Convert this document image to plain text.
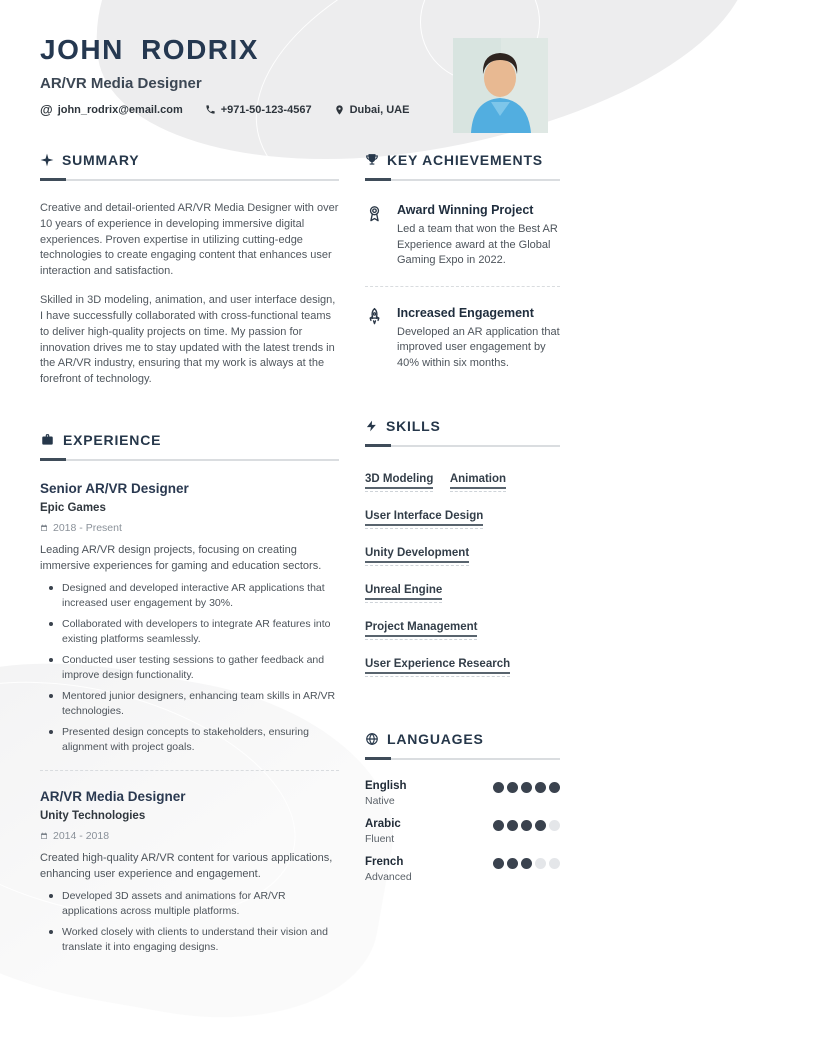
JOHN RODRIX
AR/VR Media Designer
@ john_rodrix@email.com	+971-50-123-4567	Dubai, UAE
SUMMARY

Creative and detail-oriented AR/VR Media Designer with over 10 years of experience in developing immersive digital experiences. Proven expertise in utilizing cutting-edge technologies to create engaging content that enhances user interaction and satisfaction.

Skilled in 3D modeling, animation, and user interface design, I have successfully collaborated with cross-functional teams to deliver high-quality projects on time. My passion for innovation drives me to stay updated with the latest trends in the AR/VR industry, ensuring that my work is always at the forefront of technology.

EXPERIENCE
Senior AR/VR Designer
Epic Games
2018 - Present
Leading AR/VR design projects, focusing on creating immersive experiences for gaming and education sectors.
Designed and developed interactive AR applications that increased user engagement by 30%.
Collaborated with developers to integrate AR features into existing platforms seamlessly.
Conducted user testing sessions to gather feedback and improve design functionality.
Mentored junior designers, enhancing team skills in AR/VR technologies.
Presented design concepts to stakeholders, ensuring alignment with project goals.
AR/VR Media Designer
Unity Technologies
2014 - 2018
Created high-quality AR/VR content for various applications, enhancing user experience and engagement.
Developed 3D assets and animations for AR/VR applications across multiple platforms.
Worked closely with clients to understand their vision and translate it into engaging designs.
KEY ACHIEVEMENTS
Award Winning Project
Led a team that won the Best AR Experience award at the Global Gaming Expo in 2022.
Increased Engagement
Developed an AR application that improved user engagement by 40% within six months.
SKILLS
3D Modeling Animation User Interface Design Unity Development Unreal Engine Project Management User Experience Research
LANGUAGES
English
Native
Arabic
Fluent
French
Advanced
